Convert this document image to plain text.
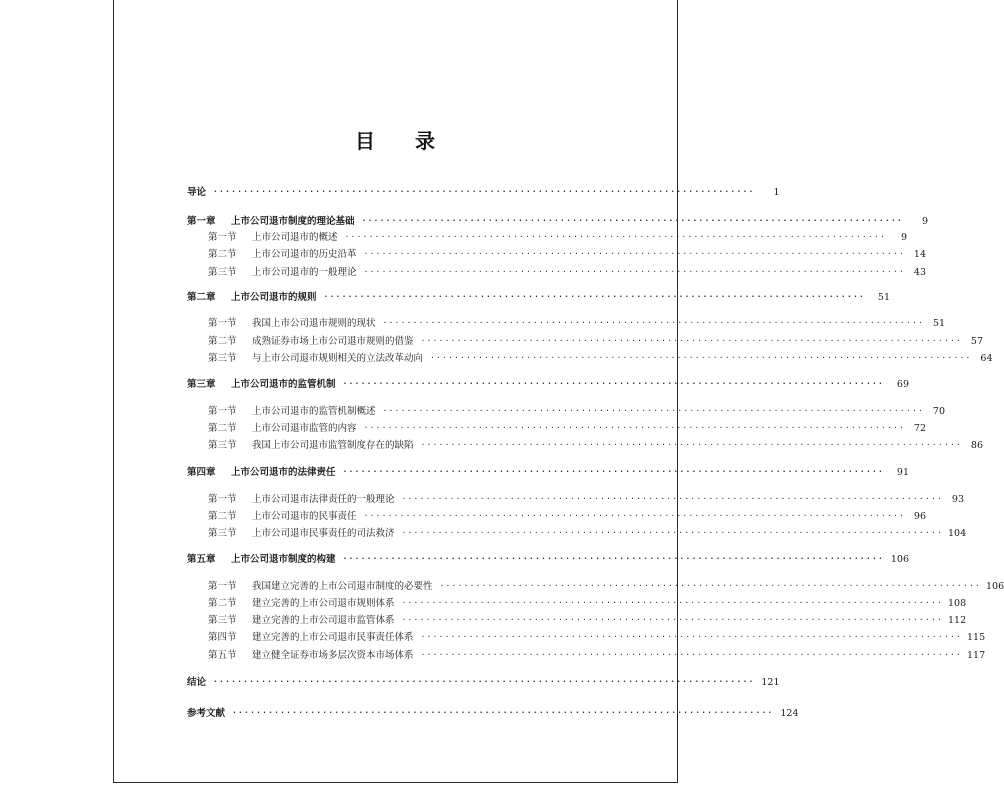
目 录
导论 ··························································································	1
第一章	上市公司退市制度的理论基础 ··························································································	9
第一节	上市公司退市的概述 ··························································································	9
第二节	上市公司退市的历史沿革 ·························································································· 14
第三节	上市公司退市的一般理论 ·························································································· 43
第二章	上市公司退市的规则 ··························································································	51
第一节	我国上市公司退市规则的现状 ·························································································· 51
第二节	成熟证券市场上市公司退市规则的借鉴 ·························································································· 57
第三节	与上市公司退市规则相关的立法改革动向 ·························································································· 64
第三章	上市公司退市的监管机制 ··························································································	69
第一节	上市公司退市的监管机制概述 ·························································································· 70
第二节	上市公司退市监管的内容 ·························································································· 72
第三节	我国上市公司退市监管制度存在的缺陷 ·························································································· 86
第四章	上市公司退市的法律责任 ··························································································	91
第一节	上市公司退市法律责任的一般理论 ·························································································· 93
第二节	上市公司退市的民事责任 ·························································································· 96
第三节	上市公司退市民事责任的司法救济 ·························································································· 104
第五章	上市公司退市制度的构建 ·························································································· 106
第一节	我国建立完善的上市公司退市制度的必要性 ·························································································· 106
第二节	建立完善的上市公司退市规则体系 ·························································································· 108
第三节	建立完善的上市公司退市监管体系 ·························································································· 112
第四节	建立完善的上市公司退市民事责任体系 ·························································································· 115
第五节	建立健全证券市场多层次资本市场体系 ·························································································· 117
结论 ·························································································· 121
参考文献 ·························································································· 124
